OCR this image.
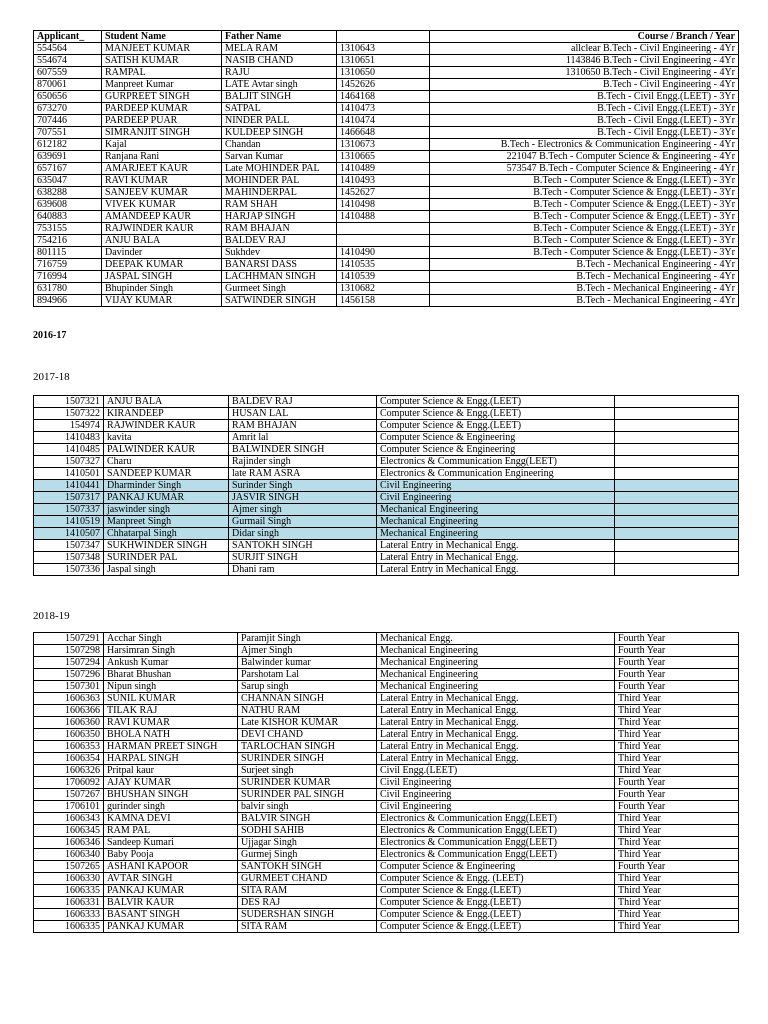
Applicant_	Student Name	Father Name		Course / Branch / Year
554564	MANJEET KUMAR	MELA RAM	1310643	allclear B.Tech - Civil Engineering - 4Yr
554674	SATISH KUMAR	NASIB CHAND	1310651	1143846 B.Tech - Civil Engineering - 4Yr
607559	RAMPAL	RAJU	1310650	1310650 B.Tech - Civil Engineering - 4Yr
870061	Manpreet Kumar	LATE Avtar singh	1452626	B.Tech - Civil Engineering - 4Yr
650656	GURPREET SINGH	BALJIT SINGH	1464168	B.Tech - Civil Engg.(LEET) - 3Yr
673270	PARDEEP KUMAR	SATPAL	1410473	B.Tech - Civil Engg.(LEET) - 3Yr
707446	PARDEEP PUAR	NINDER PALL	1410474	B.Tech - Civil Engg.(LEET) - 3Yr
707551	SIMRANJIT SINGH	KULDEEP SINGH	1466648	B.Tech - Civil Engg.(LEET) - 3Yr
612182	Kajal	Chandan	1310673	B.Tech - Electronics & Communication Engineering - 4Yr
639691	Ranjana Rani	Sarvan Kumar	1310665	221047 B.Tech - Computer Science & Engineering - 4Yr
657167	AMARJEET KAUR	Late MOHINDER PAL	1410489	573547 B.Tech - Computer Science & Engineering - 4Yr
635047	RAVI KUMAR	MOHINDER PAL	1410493	B.Tech - Computer Science & Engg.(LEET) - 3Yr
638288	SANJEEV KUMAR	MAHINDERPAL	1452627	B.Tech - Computer Science & Engg.(LEET) - 3Yr
639608	VIVEK KUMAR	RAM SHAH	1410498	B.Tech - Computer Science & Engg.(LEET) - 3Yr
640883	AMANDEEP KAUR	HARJAP SINGH	1410488	B.Tech - Computer Science & Engg.(LEET) - 3Yr
753155	RAJWINDER KAUR	RAM BHAJAN		B.Tech - Computer Science & Engg.(LEET) - 3Yr
754216	ANJU BALA	BALDEV RAJ		B.Tech - Computer Science & Engg.(LEET) - 3Yr
801115	Davinder	Sukhdev	1410490	B.Tech - Computer Science & Engg.(LEET) - 3Yr
716759	DEEPAK KUMAR	BANARSI DASS	1410535	B.Tech - Mechanical Engineering - 4Yr
716994	JASPAL SINGH	LACHHMAN SINGH	1410539	B.Tech - Mechanical Engineering - 4Yr
631780	Bhupinder Singh	Gurmeet Singh	1310682	B.Tech - Mechanical Engineering - 4Yr
894966	VIJAY KUMAR	SATWINDER SINGH	1456158	B.Tech - Mechanical Engineering - 4Yr
2016-17
2017-18
1507321	ANJU BALA	BALDEV RAJ	Computer Science & Engg.(LEET)	
1507322	KIRANDEEP	HUSAN LAL	Computer Science & Engg.(LEET)	
154974	RAJWINDER KAUR	RAM BHAJAN	Computer Science & Engg.(LEET)	
1410483	kavita	Amrit lal	Computer Science & Engineering	
1410485	PALWINDER KAUR	BALWINDER SINGH	Computer Science & Engineering	
1507327	Charu	Rajinder singh	Electronics & Communication Engg(LEET)	
1410501	SANDEEP KUMAR	late RAM ASRA	Electronics & Communication Engineering	
1410441	Dharminder Singh	Surinder Singh	Civil Engineering	
1507317	PANKAJ KUMAR	JASVIR SINGH	Civil Engineering	
1507337	jaswinder singh	Ajmer singh	Mechanical Engineering	
1410519	Manpreet Singh	Gurmail Singh	Mechanical Engineering	
1410507	Chhatarpal Singh	Didar singh	Mechanical Engineering	
1507347	SUKHWINDER SINGH	SANTOKH SINGH	Lateral Entry in Mechanical Engg.	
1507348	SURINDER PAL	SURJIT SINGH	Lateral Entry in Mechanical Engg.	
1507336	Jaspal singh	Dhani ram	Lateral Entry in Mechanical Engg.	
2018-19
1507291	Acchar Singh	Paramjit Singh	Mechanical Engg.	Fourth Year
1507298	Harsimran Singh	Ajmer Singh	Mechanical Engineering	Fourth Year
1507294	Ankush Kumar	Balwinder kumar	Mechanical Engineering	Fourth Year
1507296	Bharat Bhushan	Parshotam Lal	Mechanical Engineering	Fourth Year
1507301	Nipun singh	Sarup singh	Mechanical Engineering	Fourth Year
1606363	SUNIL KUMAR	CHANNAN SINGH	Lateral Entry in Mechanical Engg.	Third Year
1606366	TILAK RAJ	NATHU RAM	Lateral Entry in Mechanical Engg.	Third Year
1606360	RAVI KUMAR	Late KISHOR KUMAR	Lateral Entry in Mechanical Engg.	Third Year
1606350	BHOLA NATH	DEVI CHAND	Lateral Entry in Mechanical Engg.	Third Year
1606353	HARMAN PREET SINGH	TARLOCHAN SINGH	Lateral Entry in Mechanical Engg.	Third Year
1606354	HARPAL SINGH	SURINDER SINGH	Lateral Entry in Mechanical Engg.	Third Year
1606326	Pritpal kaur	Surjeet singh	Civil Engg.(LEET)	Third Year
1706092	AJAY KUMAR	SURINDER KUMAR	Civil Engineering	Fourth Year
1507267	BHUSHAN SINGH	SURINDER PAL SINGH	Civil Engineering	Fourth Year
1706101	gurinder singh	balvir singh	Civil Engineering	Fourth Year
1606343	KAMNA DEVI	BALVIR SINGH	Electronics & Communication Engg(LEET)	Third Year
1606345	RAM PAL	SODHI SAHIB	Electronics & Communication Engg(LEET)	Third Year
1606346	Sandeep Kumari	Ujjagar Singh	Electronics & Communication Engg(LEET)	Third Year
1606340	Baby Pooja	Gurmej Singh	Electronics & Communication Engg(LEET)	Third Year
1507265	ASHANI KAPOOR	SANTOKH SINGH	Computer Science & Engineering	Fourth Year
1606330	AVTAR SINGH	GURMEET CHAND	Computer Science & Engg. (LEET)	Third Year
1606335	PANKAJ KUMAR	SITA RAM	Computer Science & Engg.(LEET)	Third Year
1606331	BALVIR KAUR	DES RAJ	Computer Science & Engg.(LEET)	Third Year
1606333	BASANT SINGH	SUDERSHAN SINGH	Computer Science & Engg.(LEET)	Third Year
1606335	PANKAJ KUMAR	SITA RAM	Computer Science & Engg.(LEET)	Third Year
